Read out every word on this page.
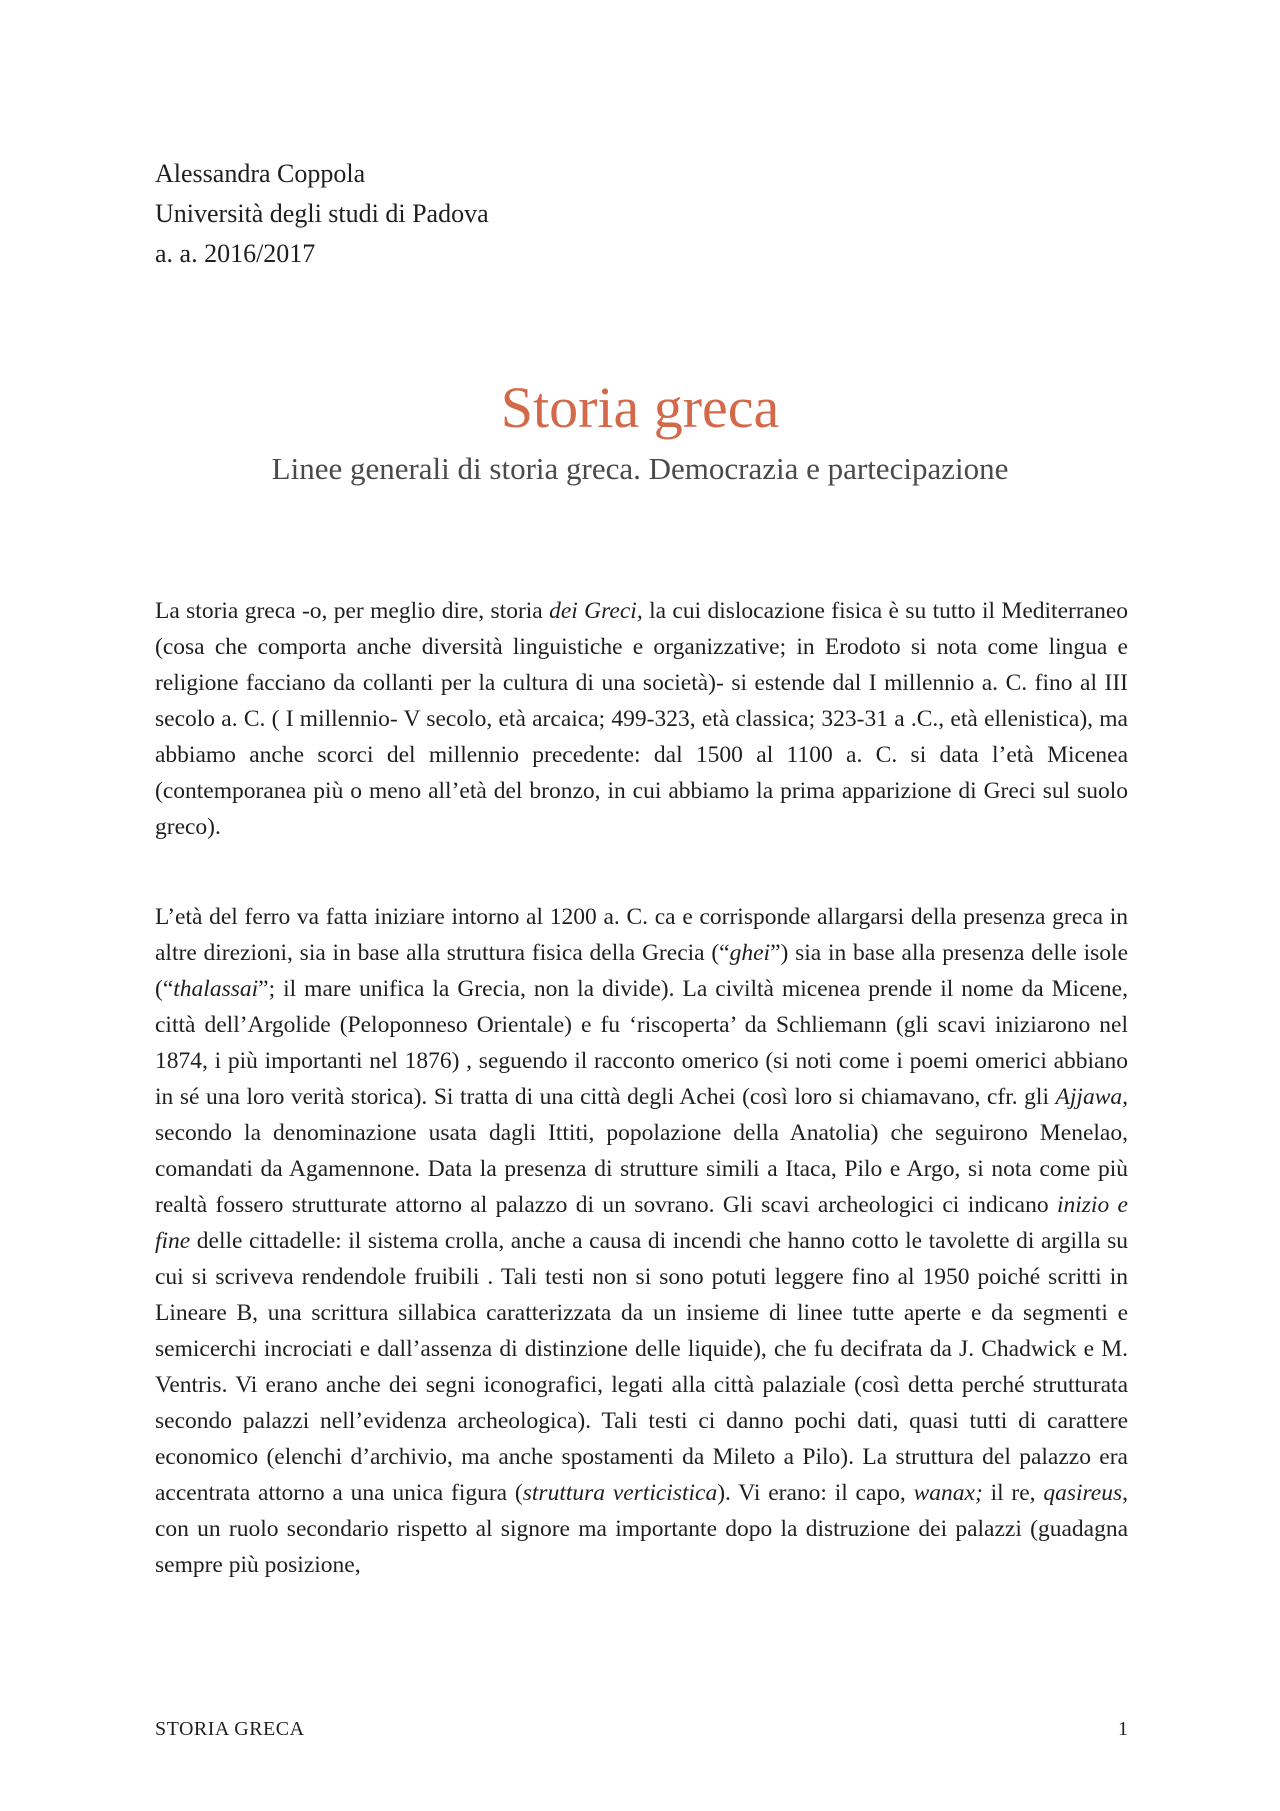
Alessandra Coppola
Università degli studi di Padova
a. a. 2016/2017
Storia greca
Linee generali di storia greca. Democrazia e partecipazione

La storia greca -o, per meglio dire, storia dei Greci, la cui dislocazione fisica è su tutto il Mediterraneo (cosa che comporta anche diversità linguistiche e organizzative; in Erodoto si nota come lingua e religione facciano da collanti per la cultura di una società)- si estende dal I millennio a. C. fino al III secolo a. C. ( I millennio- V secolo, età arcaica; 499-323, età classica; 323-31 a .C., età ellenistica), ma abbiamo anche scorci del millennio precedente: dal 1500 al 1100 a. C. si data l’età Micenea (contemporanea più o meno all’età del bronzo, in cui abbiamo la prima apparizione di Greci sul suolo greco).

L’età del ferro va fatta iniziare intorno al 1200 a. C. ca e corrisponde allargarsi della presenza greca in altre direzioni, sia in base alla struttura fisica della Grecia (“ghei”) sia in base alla presenza delle isole (“thalassai”; il mare unifica la Grecia, non la divide). La civiltà micenea prende il nome da Micene, città dell’Argolide (Peloponneso Orientale) e fu ‘riscoperta’ da Schliemann (gli scavi iniziarono nel 1874, i più importanti nel 1876) , seguendo il racconto omerico (si noti come i poemi omerici abbiano in sé una loro verità storica). Si tratta di una città degli Achei (così loro si chiamavano, cfr. gli Ajjawa, secondo la denominazione usata dagli Ittiti, popolazione della Anatolia) che seguirono Menelao, comandati da Agamennone. Data la presenza di strutture simili a Itaca, Pilo e Argo, si nota come più realtà fossero strutturate attorno al palazzo di un sovrano. Gli scavi archeologici ci indicano inizio e fine delle cittadelle: il sistema crolla, anche a causa di incendi che hanno cotto le tavolette di argilla su cui si scriveva rendendole fruibili . Tali testi non si sono potuti leggere fino al 1950 poiché scritti in Lineare B, una scrittura sillabica caratterizzata da un insieme di linee tutte aperte e da segmenti e semicerchi incrociati e dall’assenza di distinzione delle liquide), che fu decifrata da J. Chadwick e M. Ventris. Vi erano anche dei segni iconografici, legati alla città palaziale (così detta perché strutturata secondo palazzi nell’evidenza archeologica). Tali testi ci danno pochi dati, quasi tutti di carattere economico (elenchi d’archivio, ma anche spostamenti da Mileto a Pilo). La struttura del palazzo era accentrata attorno a una unica figura (struttura verticistica). Vi erano: il capo, wanax; il re, qasireus, con un ruolo secondario rispetto al signore ma importante dopo la distruzione dei palazzi (guadagna sempre più posizione,

STORIA GRECA	1
